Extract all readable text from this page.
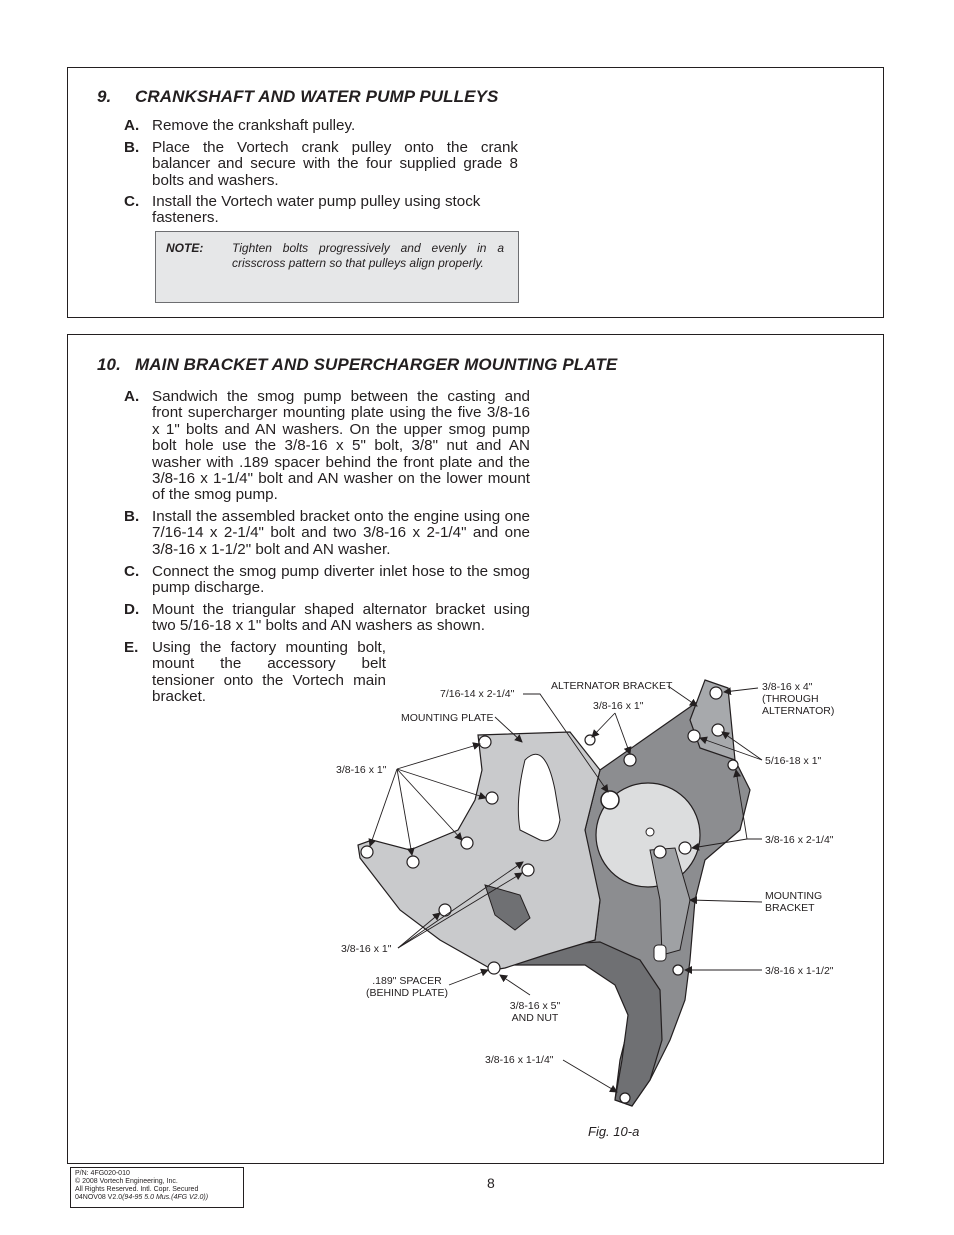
9. CRANKSHAFT AND WATER PUMP PULLEYS
A. Remove the crankshaft pulley.
B. Place the Vortech crank pulley onto the crank balancer and secure with the four supplied grade 8 bolts and washers.
C. Install the Vortech water pump pulley using stock fasteners.
NOTE: Tighten bolts progressively and evenly in a crisscross pattern so that pulleys align properly.
10. MAIN BRACKET AND SUPERCHARGER MOUNTING PLATE
A. Sandwich the smog pump between the casting and front supercharger mounting plate using the five 3/8-16 x 1" bolts and AN washers. On the upper smog pump bolt hole use the 3/8-16 x 5" bolt, 3/8" nut and AN washer with .189 spacer behind the front plate and the 3/8-16 x 1-1/4" bolt and AN washer on the lower mount of the smog pump.
B. Install the assembled bracket onto the engine using one 7/16-14 x 2-1/4" bolt and two 3/8-16 x 2-1/4" and one 3/8-16 x 1-1/2" bolt and AN washer.
C. Connect the smog pump diverter inlet hose to the smog pump discharge.
D. Mount the triangular shaped alternator bracket using two 5/16-18 x 1" bolts and AN washers as shown.
E. Using the factory mounting bolt, mount the accessory belt tensioner onto the Vortech main bracket.
ALTERNATOR BRACKET
7/16-14 x 2-1/4"
MOUNTING PLATE
3/8-16 x 1"
3/8-16 x 4"
(THROUGH
ALTERNATOR)
5/16-18 x 1"
3/8-16 x 1"
3/8-16 x 2-1/4"
MOUNTING
BRACKET
3/8-16 x 1"
3/8-16 x 1-1/2"
.189" SPACER
(BEHIND PLATE)
3/8-16 x 5"
AND NUT
3/8-16 x 1-1/4"
Fig. 10-a
P/N: 4FG020-010
© 2008 Vortech Engineering, Inc.
All Rights Reserved. Intl. Copr. Secured
04NOV08 V2.0(94-95 5.0 Mus.(4FG V2.0))
8
